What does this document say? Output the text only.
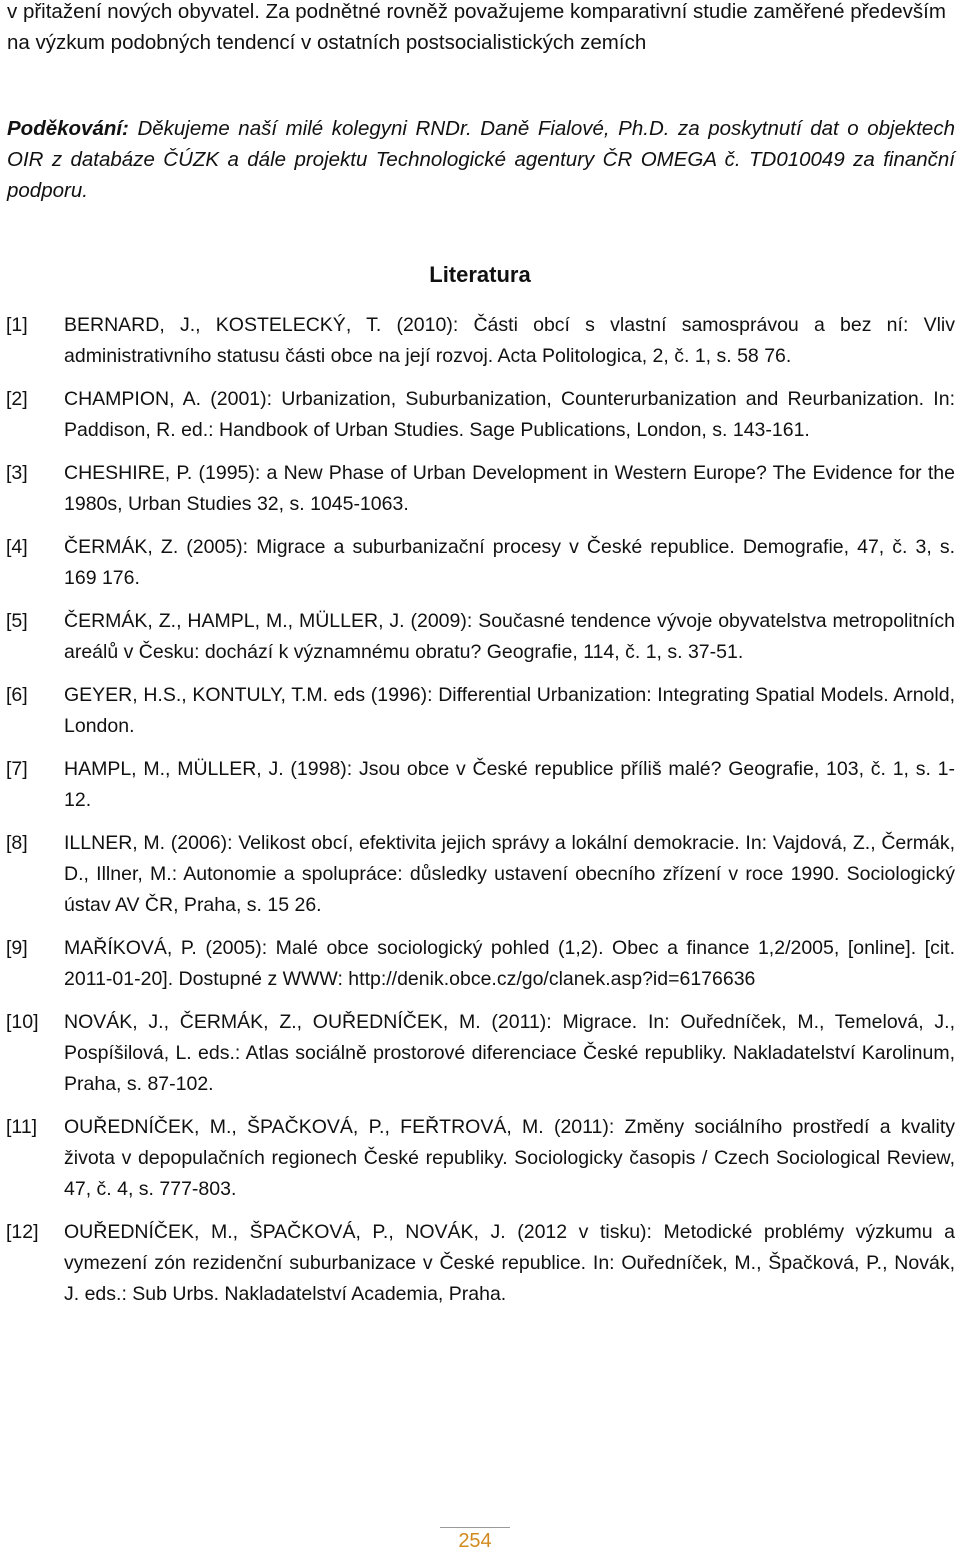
v přitažení nových obyvatel. Za podnětné rovněž považujeme komparativní studie zaměřené především na výzkum podobných tendencí v ostatních postsocialistických zemích
Poděkování: Děkujeme naší milé kolegyni RNDr. Daně Fialové, Ph.D. za poskytnutí dat o objektech OIR z databáze ČÚZK a dále projektu Technologické agentury ČR OMEGA č. TD010049 za finanční podporu.
Literatura
[1]	BERNARD, J., KOSTELECKÝ, T. (2010): Části obcí s vlastní samosprávou a bez ní: Vliv administrativního statusu části obce na její rozvoj. Acta Politologica, 2, č. 1, s. 58 76.
[2]	CHAMPION, A. (2001): Urbanization, Suburbanization, Counterurbanization and Reurbanization. In: Paddison, R. ed.: Handbook of Urban Studies. Sage Publications, London, s. 143-161.
[3]	CHESHIRE, P. (1995): a New Phase of Urban Development in Western Europe? The Evidence for the 1980s, Urban Studies 32, s. 1045-1063.
[4]	ČERMÁK, Z. (2005): Migrace a suburbanizační procesy v České republice. Demografie, 47, č. 3, s. 169 176.
[5]	ČERMÁK, Z., HAMPL, M., MÜLLER, J. (2009): Současné tendence vývoje obyvatelstva metropolitních areálů v Česku: dochází k významnému obratu? Geografie, 114, č. 1, s. 37-51.
[6]	GEYER, H.S., KONTULY, T.M. eds (1996): Differential Urbanization: Integrating Spatial Models. Arnold, London.
[7]	HAMPL, M., MÜLLER, J. (1998): Jsou obce v České republice příliš malé? Geografie, 103, č. 1, s. 1-12.
[8]	ILLNER, M. (2006): Velikost obcí, efektivita jejich správy a lokální demokracie. In: Vajdová, Z., Čermák, D., Illner, M.: Autonomie a spolupráce: důsledky ustavení obecního zřízení v roce 1990. Sociologický ústav AV ČR, Praha, s. 15 26.
[9]	MAŘÍKOVÁ, P. (2005): Malé obce sociologický pohled (1,2). Obec a finance 1,2/2005, [online]. [cit. 2011-01-20]. Dostupné z WWW: http://denik.obce.cz/go/clanek.asp?id=6176636
[10]	NOVÁK, J., ČERMÁK, Z., OUŘEDNÍČEK, M. (2011): Migrace. In: Ouředníček, M., Temelová, J., Pospíšilová, L. eds.: Atlas sociálně prostorové diferenciace České republiky. Nakladatelství Karolinum, Praha, s. 87-102.
[11]	OUŘEDNÍČEK, M., ŠPAČKOVÁ, P., FEŘTROVÁ, M. (2011): Změny sociálního prostředí a kvality života v depopulačních regionech České republiky. Sociologicky časopis / Czech Sociological Review, 47, č. 4, s. 777-803.
[12]	OUŘEDNÍČEK, M., ŠPAČKOVÁ, P., NOVÁK, J. (2012 v tisku): Metodické problémy výzkumu a vymezení zón rezidenční suburbanizace v České republice. In: Ouředníček, M., Špačková, P., Novák, J. eds.: Sub Urbs. Nakladatelství Academia, Praha.
254
